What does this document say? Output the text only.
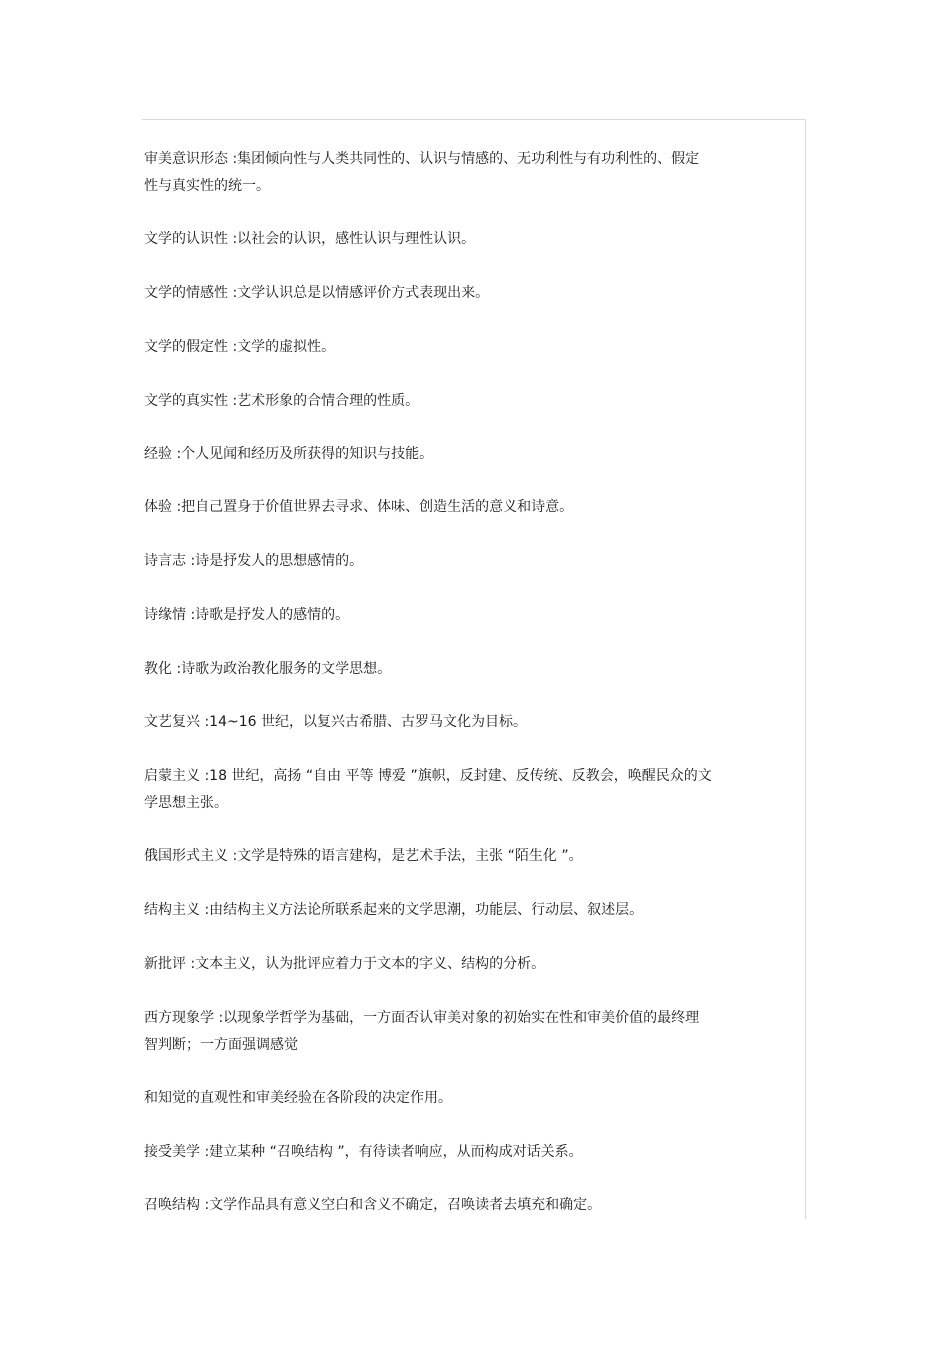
审美意识形态 :集团倾向性与人类共同性的、认识与情感的、无功利性与有功利性的、假定
性与真实性的统一。
文学的认识性 :以社会的认识，感性认识与理性认识。
文学的情感性 :文学认识总是以情感评价方式表现出来。
文学的假定性 :文学的虚拟性。
文学的真实性 :艺术形象的合情合理的性质。
经验 :个人见闻和经历及所获得的知识与技能。
体验 :把自己置身于价值世界去寻求、体味、创造生活的意义和诗意。
诗言志 :诗是抒发人的思想感情的。
诗缘情 :诗歌是抒发人的感情的。
教化 :诗歌为政治教化服务的文学思想。
文艺复兴 :14~16 世纪，以复兴古希腊、古罗马文化为目标。
启蒙主义 :18 世纪，高扬 “自由 平等 博爱 ”旗帜，反封建、反传统、反教会，唤醒民众的文
学思想主张。
俄国形式主义 :文学是特殊的语言建构，是艺术手法，主张 “陌生化 ”。
结构主义 :由结构主义方法论所联系起来的文学思潮，功能层、行动层、叙述层。
新批评 :文本主义，认为批评应着力于文本的字义、结构的分析。
西方现象学 :以现象学哲学为基础，一方面否认审美对象的初始实在性和审美价值的最终理
智判断；一方面强调感觉
和知觉的直观性和审美经验在各阶段的决定作用。
接受美学 :建立某种 “召唤结构 ”，有待读者响应，从而构成对话关系。
召唤结构 :文学作品具有意义空白和含义不确定，召唤读者去填充和确定。
